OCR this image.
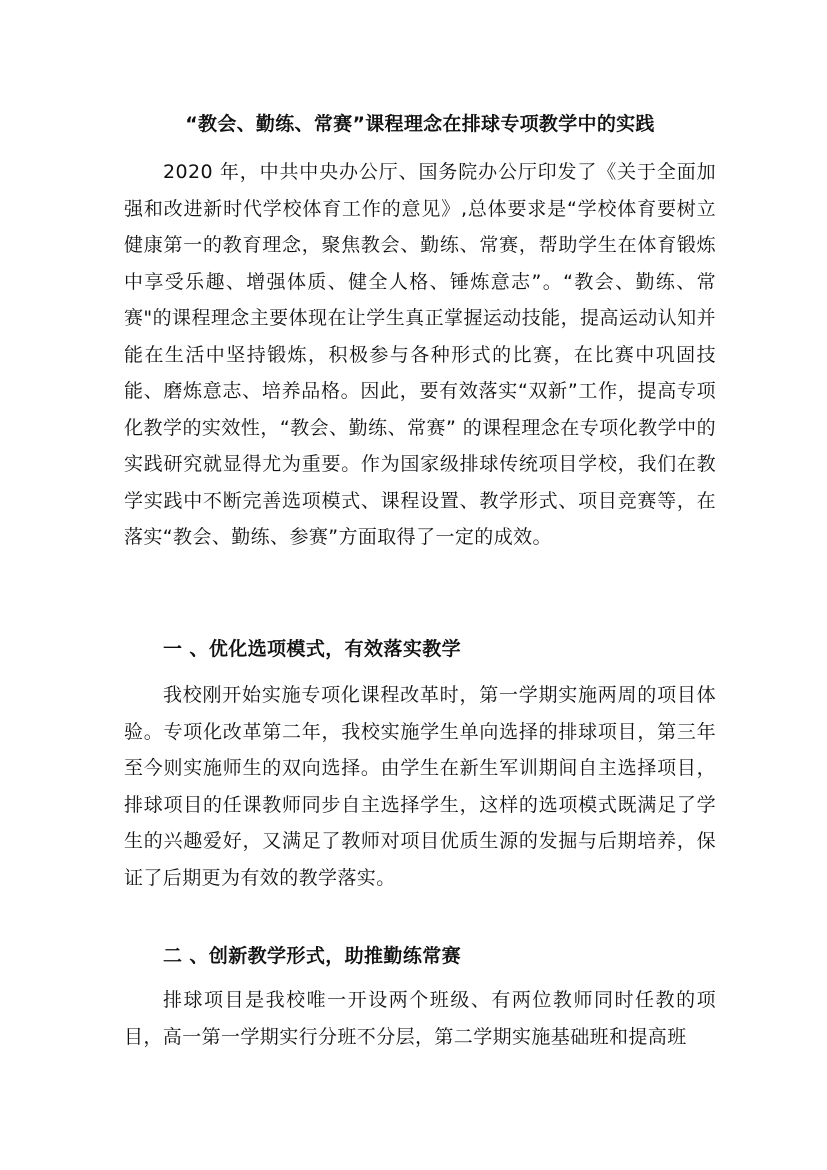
“教会、勤练、常赛”课程理念在排球专项教学中的实践
2020 年，中共中央办公厅、国务院办公厅印发了《关于全面加强和改进新时代学校体育工作的意见》,总体要求是“学校体育要树立健康第一的教育理念，聚焦教会、勤练、常赛，帮助学生在体育锻炼中享受乐趣、增强体质、健全人格、锤炼意志”。“教会、勤练、常赛"的课程理念主要体现在让学生真正掌握运动技能，提高运动认知并能在生活中坚持锻炼，积极参与各种形式的比赛，在比赛中巩固技能、磨炼意志、培养品格。因此，要有效落实“双新”工作，提高专项化教学的实效性，“教会、勤练、常赛” 的课程理念在专项化教学中的实践研究就显得尤为重要。作为国家级排球传统项目学校，我们在教学实践中不断完善选项模式、课程设置、教学形式、项目竞赛等，在落实“教会、勤练、参赛”方面取得了一定的成效。
一 、优化选项模式，有效落实教学
我校刚开始实施专项化课程改革时，第一学期实施两周的项目体验。专项化改革第二年，我校实施学生单向选择的排球项目，第三年至今则实施师生的双向选择。由学生在新生军训期间自主选择项目，排球项目的任课教师同步自主选择学生，这样的选项模式既满足了学生的兴趣爱好，又满足了教师对项目优质生源的发掘与后期培养，保证了后期更为有效的教学落实。
二 、创新教学形式，助推勤练常赛
排球项目是我校唯一开设两个班级、有两位教师同时任教的项目，高一第一学期实行分班不分层，第二学期实施基础班和提高班
